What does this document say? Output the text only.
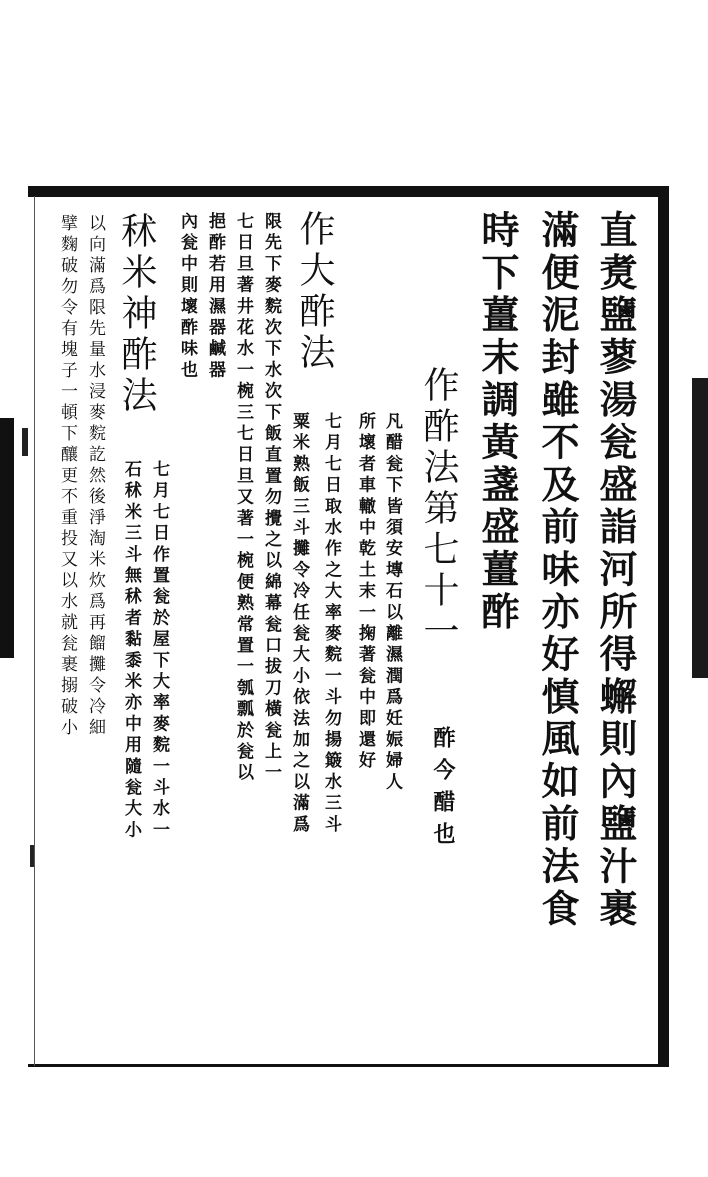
直煑鹽蓼湯瓮盛詣河所得蠏則內鹽汁裹
滿便泥封雖不及前味亦好慎風如前法食
時下薑末調黃盞盛薑酢
作酢法第七十一
酢今醋也
凡醋瓮下皆須安塼石以離濕潤爲妊娠婦人
所壞者車轍中乾土末一掬著瓮中即還好
作大酢法
七月七日取水作之大率麥䴷一斗勿揚簸水三斗
粟米熟飯三斗攤令冷任瓮大小依法加之以滿爲
限先下麥䴷次下水次下飯直置勿攪之以綿幕瓮口拔刀橫瓮上一
七日旦著井花水一椀三七日旦又著一椀便熟常置一瓠瓢於瓮以
挹酢若用濕器鹹器
內瓮中則壞酢味也
秫米神酢法
七月七日作置瓮於屋下大率麥䴷一斗水一
石秫米三斗無秫者黏黍米亦中用隨瓮大小
以向滿爲限先量水浸麥䴷訖然後淨淘米炊爲再餾攤令冷細
擘麴破勿令有塊子一頓下釀更不重投又以水就瓮裹搦破小
